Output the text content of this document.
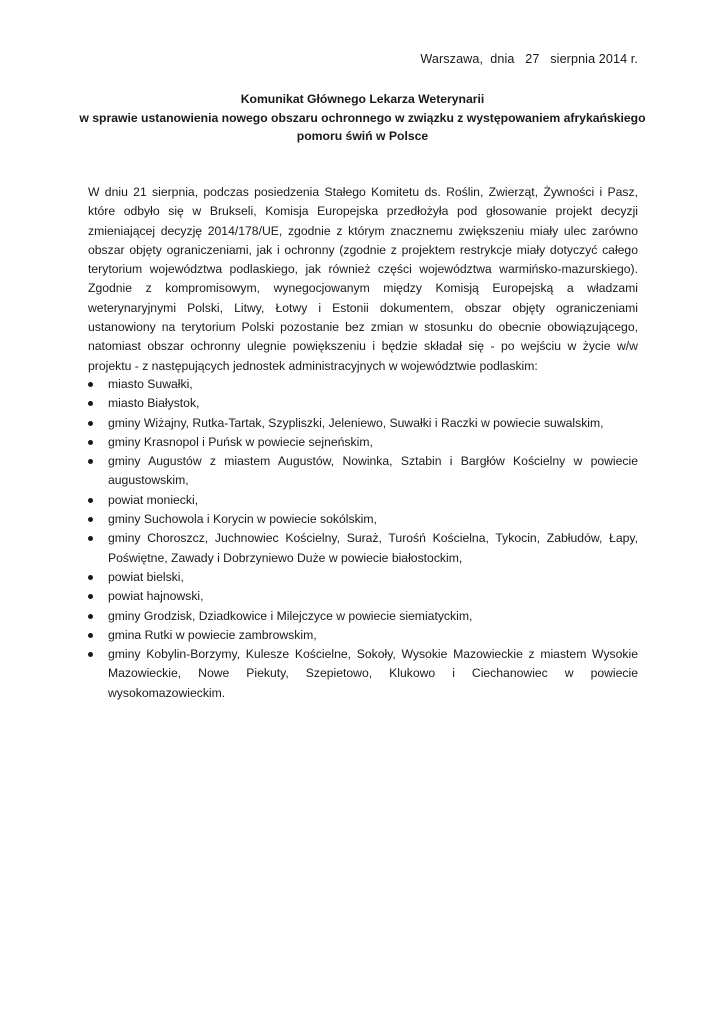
Warszawa,  dnia   27   sierpnia 2014 r.
Komunikat Głównego Lekarza Weterynarii
w sprawie ustanowienia nowego obszaru ochronnego w związku z występowaniem afrykańskiego
pomoru świń w Polsce
W dniu 21 sierpnia, podczas posiedzenia Stałego Komitetu ds. Roślin, Zwierząt, Żywności i Pasz, które odbyło się w Brukseli, Komisja Europejska przedłożyła pod głosowanie projekt decyzji zmieniającej decyzję 2014/178/UE, zgodnie z którym znacznemu zwiększeniu miały ulec zarówno obszar objęty ograniczeniami, jak i ochronny (zgodnie z projektem restrykcje miały dotyczyć całego terytorium województwa podlaskiego, jak również części województwa warmińsko-mazurskiego). Zgodnie z kompromisowym, wynegocjowanym między Komisją Europejską a władzami weterynaryjnymi Polski, Litwy, Łotwy i Estonii dokumentem, obszar objęty ograniczeniami ustanowiony na terytorium Polski pozostanie bez zmian w stosunku do obecnie obowiązującego, natomiast obszar ochronny ulegnie powiększeniu i będzie składał się - po wejściu w życie w/w projektu - z następujących jednostek administracyjnych w województwie podlaskim:
miasto Suwałki,
miasto Białystok,
gminy Wiżajny, Rutka-Tartak, Szypliszki, Jeleniewo, Suwałki i Raczki w powiecie suwalskim,
gminy Krasnopol i Puńsk w powiecie sejneńskim,
gminy Augustów z miastem Augustów, Nowinka, Sztabin i Bargłów Kościelny w powiecie augustowskim,
powiat moniecki,
gminy Suchowola i Korycin w powiecie sokólskim,
gminy Choroszcz, Juchnowiec Kościelny, Suraż, Turośń Kościelna, Tykocin, Zabłudów, Łapy, Poświętne, Zawady i Dobrzyniewo Duże w powiecie białostockim,
powiat bielski,
powiat hajnowski,
gminy Grodzisk, Dziadkowice i Milejczyce w powiecie siemiatyckim,
gmina Rutki w powiecie zambrowskim,
gminy Kobylin-Borzymy, Kulesze Kościelne, Sokoły, Wysokie Mazowieckie z miastem Wysokie Mazowieckie, Nowe Piekuty, Szepietowo, Klukowo i Ciechanowiec w powiecie wysokomazowieckim.
